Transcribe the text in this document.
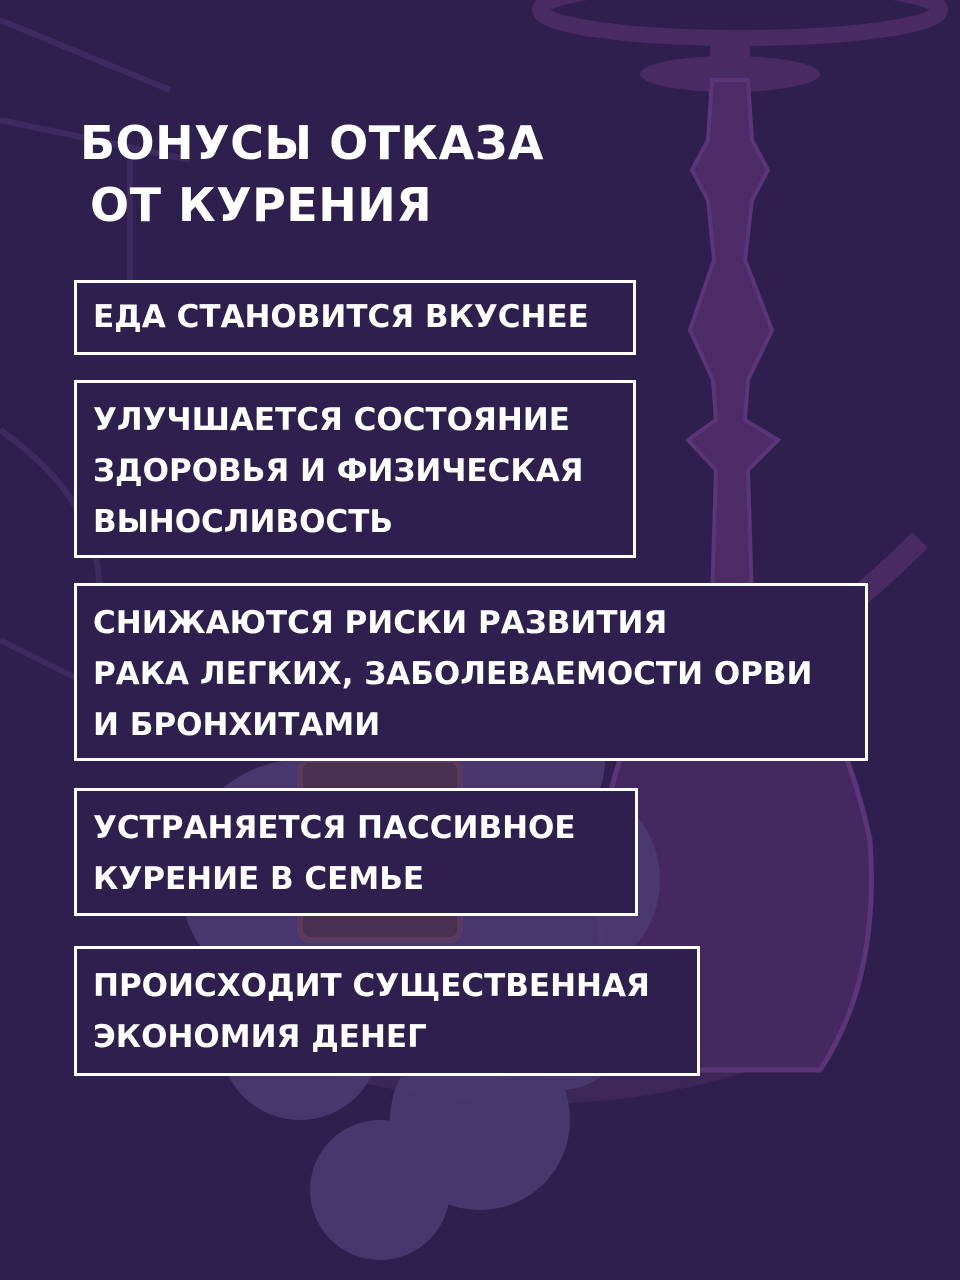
БОНУСЫ ОТКАЗА
ОТ КУРЕНИЯ
ЕДА СТАНОВИТСЯ ВКУСНЕЕ
УЛУЧШАЕТСЯ СОСТОЯНИЕ
ЗДОРОВЬЯ И ФИЗИЧЕСКАЯ
ВЫНОСЛИВОСТЬ
СНИЖАЮТСЯ РИСКИ РАЗВИТИЯ
РАКА ЛЕГКИХ, ЗАБОЛЕВАЕМОСТИ ОРВИ
И БРОНХИТАМИ
УСТРАНЯЕТСЯ ПАССИВНОЕ
КУРЕНИЕ В СЕМЬЕ
ПРОИСХОДИТ СУЩЕСТВЕННАЯ
ЭКОНОМИЯ ДЕНЕГ
